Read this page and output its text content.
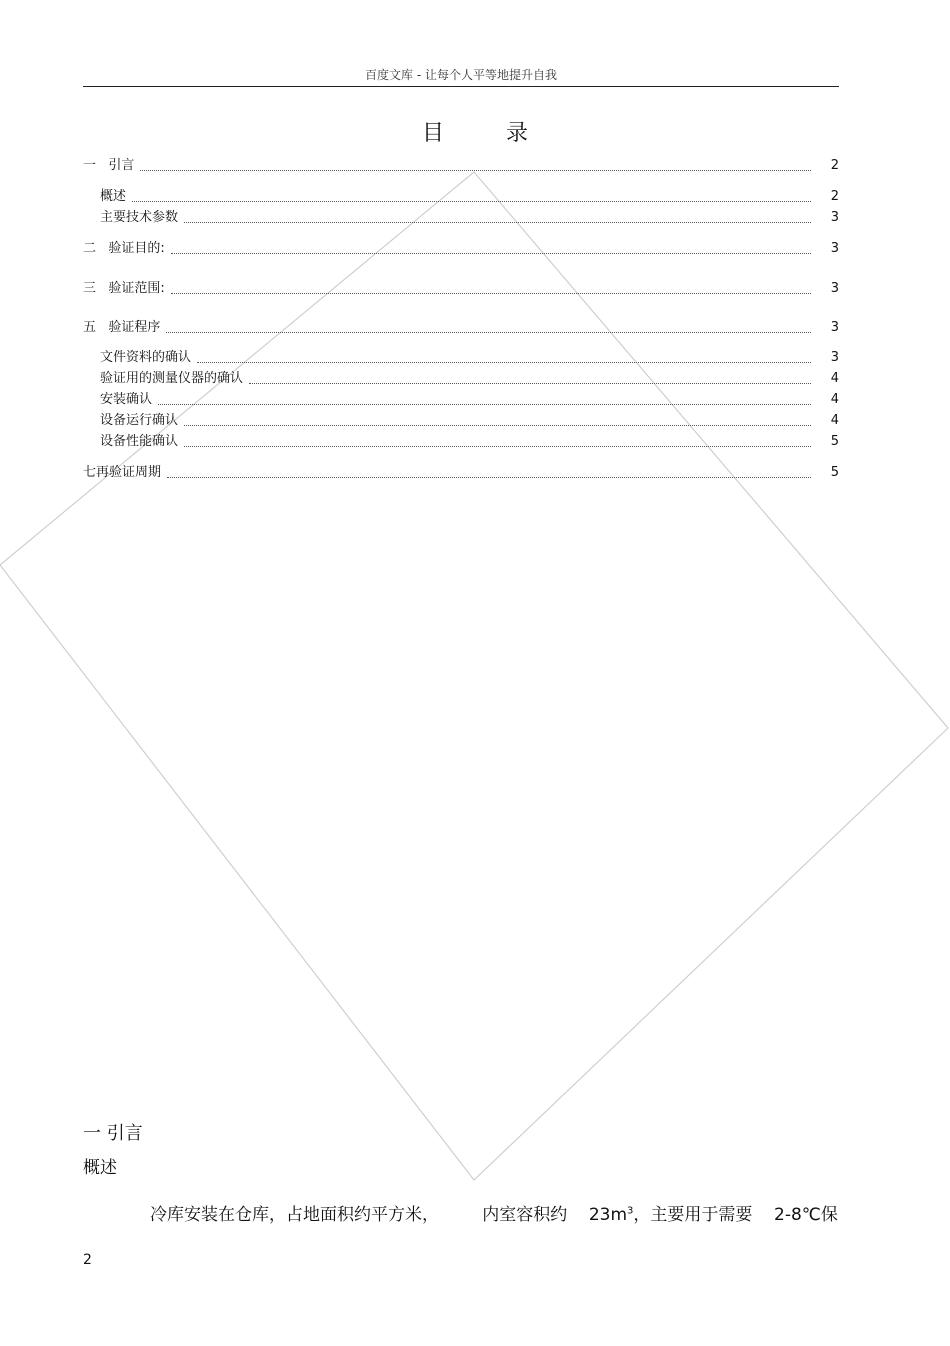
百度文库 - 让每个人平等地提升自我
目录
一   引言	2
概述	2
主要技术参数	3
二   验证目的:	3
三   验证范围:	3
五   验证程序	3
文件资料的确认	3
验证用的测量仪器的确认	4
安装确认	4
设备运行确认	4
设备性能确认	5
七再验证周期	5
一 引言
概述
冷库安装在仓库，占地面积约平方米，        内室容积约    $23m^3$，主要用于需要    2-8℃保
2
